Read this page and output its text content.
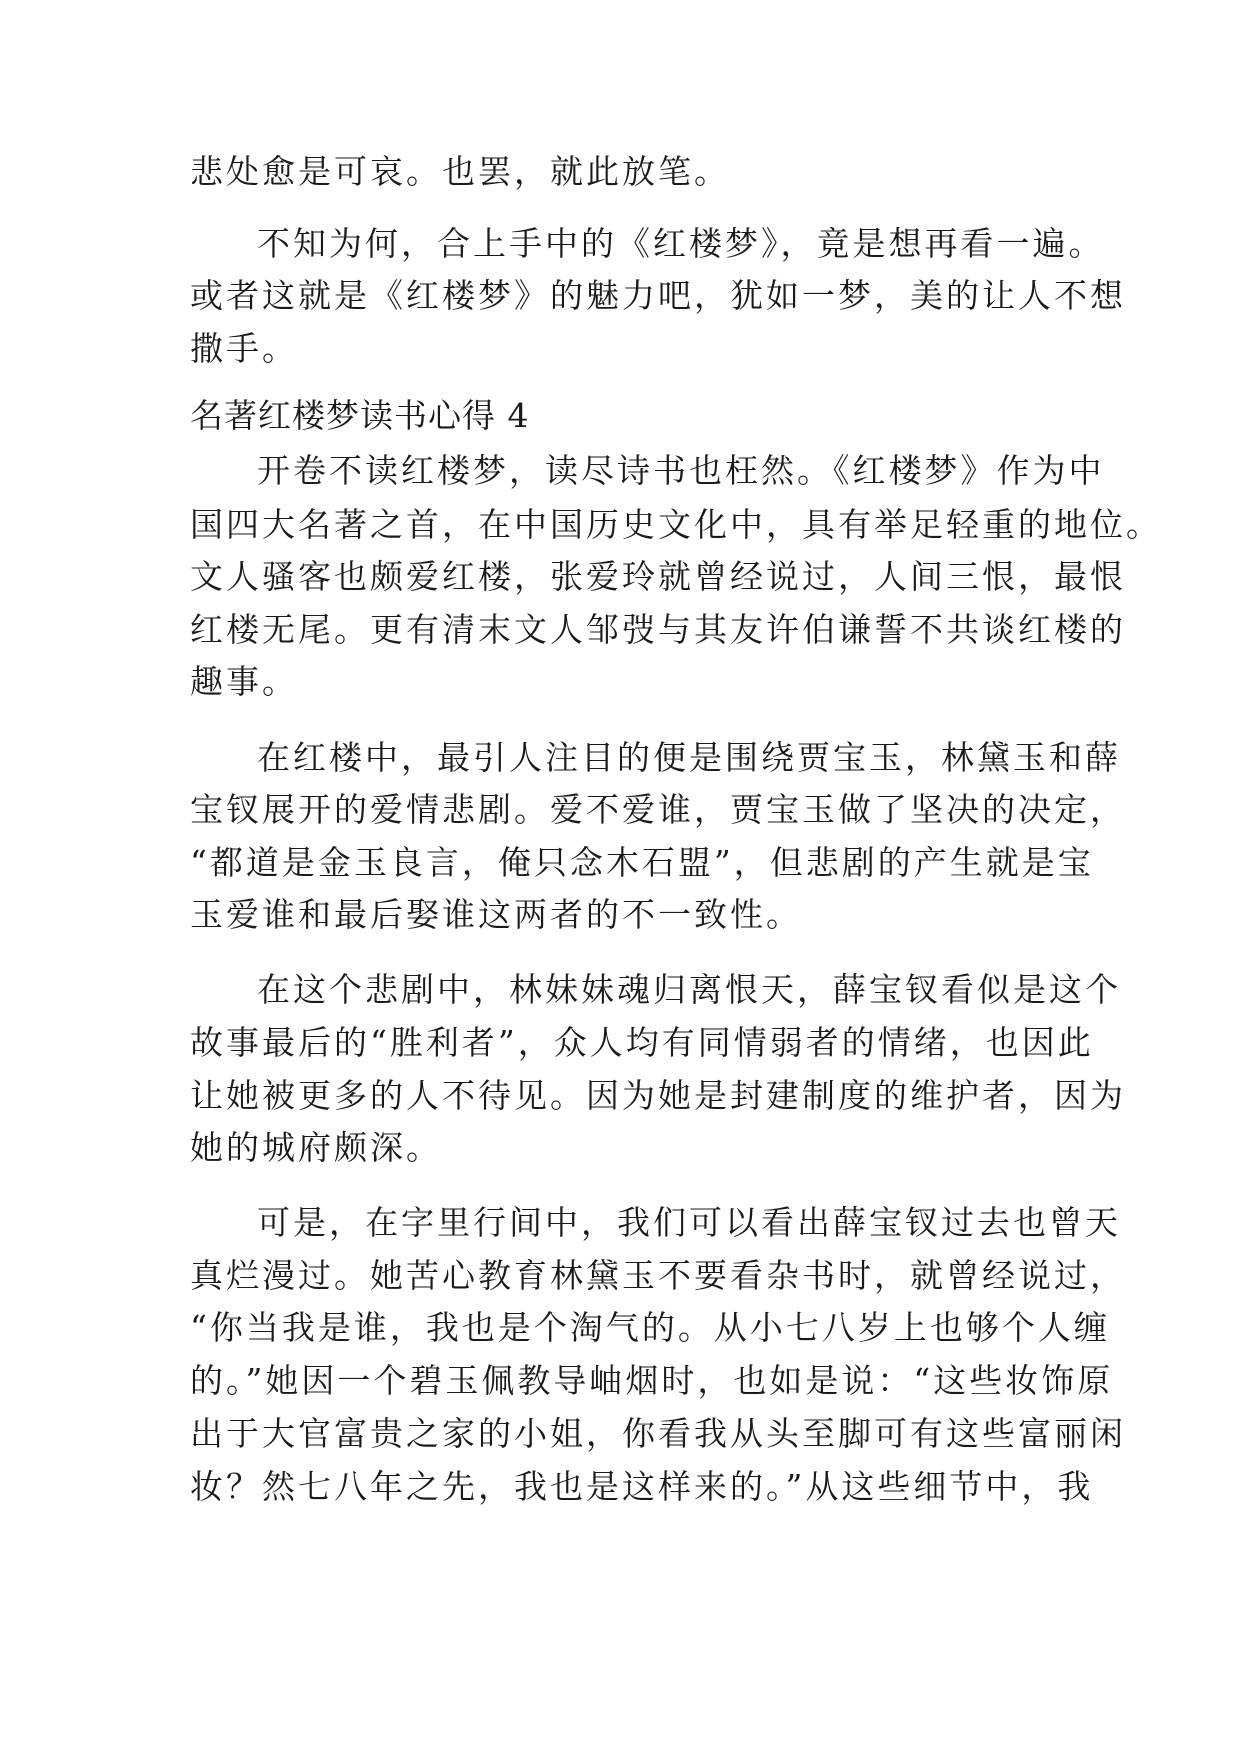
悲处愈是可哀。也罢，就此放笔。
不知为何，合上手中的《红楼梦》，竟是想再看一遍。
或者这就是《红楼梦》的魅力吧，犹如一梦，美的让人不想
撒手。
名著红楼梦读书心得 4
开卷不读红楼梦，读尽诗书也枉然。《红楼梦》作为中
国四大名著之首，在中国历史文化中，具有举足轻重的地位。
文人骚客也颇爱红楼，张爱玲就曾经说过，人间三恨，最恨
红楼无尾。更有清末文人邹弢与其友许伯谦誓不共谈红楼的
趣事。
在红楼中，最引人注目的便是围绕贾宝玉，林黛玉和薛
宝钗展开的爱情悲剧。爱不爱谁，贾宝玉做了坚决的决定，
“都道是金玉良言，俺只念木石盟”，但悲剧的产生就是宝
玉爱谁和最后娶谁这两者的不一致性。
在这个悲剧中，林妹妹魂归离恨天，薛宝钗看似是这个
故事最后的“胜利者”，众人均有同情弱者的情绪，也因此
让她被更多的人不待见。因为她是封建制度的维护者，因为
她的城府颇深。
可是，在字里行间中，我们可以看出薛宝钗过去也曾天
真烂漫过。她苦心教育林黛玉不要看杂书时，就曾经说过，
“你当我是谁，我也是个淘气的。从小七八岁上也够个人缠
的。”她因一个碧玉佩教导岫烟时，也如是说：“这些妆饰原
出于大官富贵之家的小姐，你看我从头至脚可有这些富丽闲
妆？然七八年之先，我也是这样来的。”从这些细节中，我
